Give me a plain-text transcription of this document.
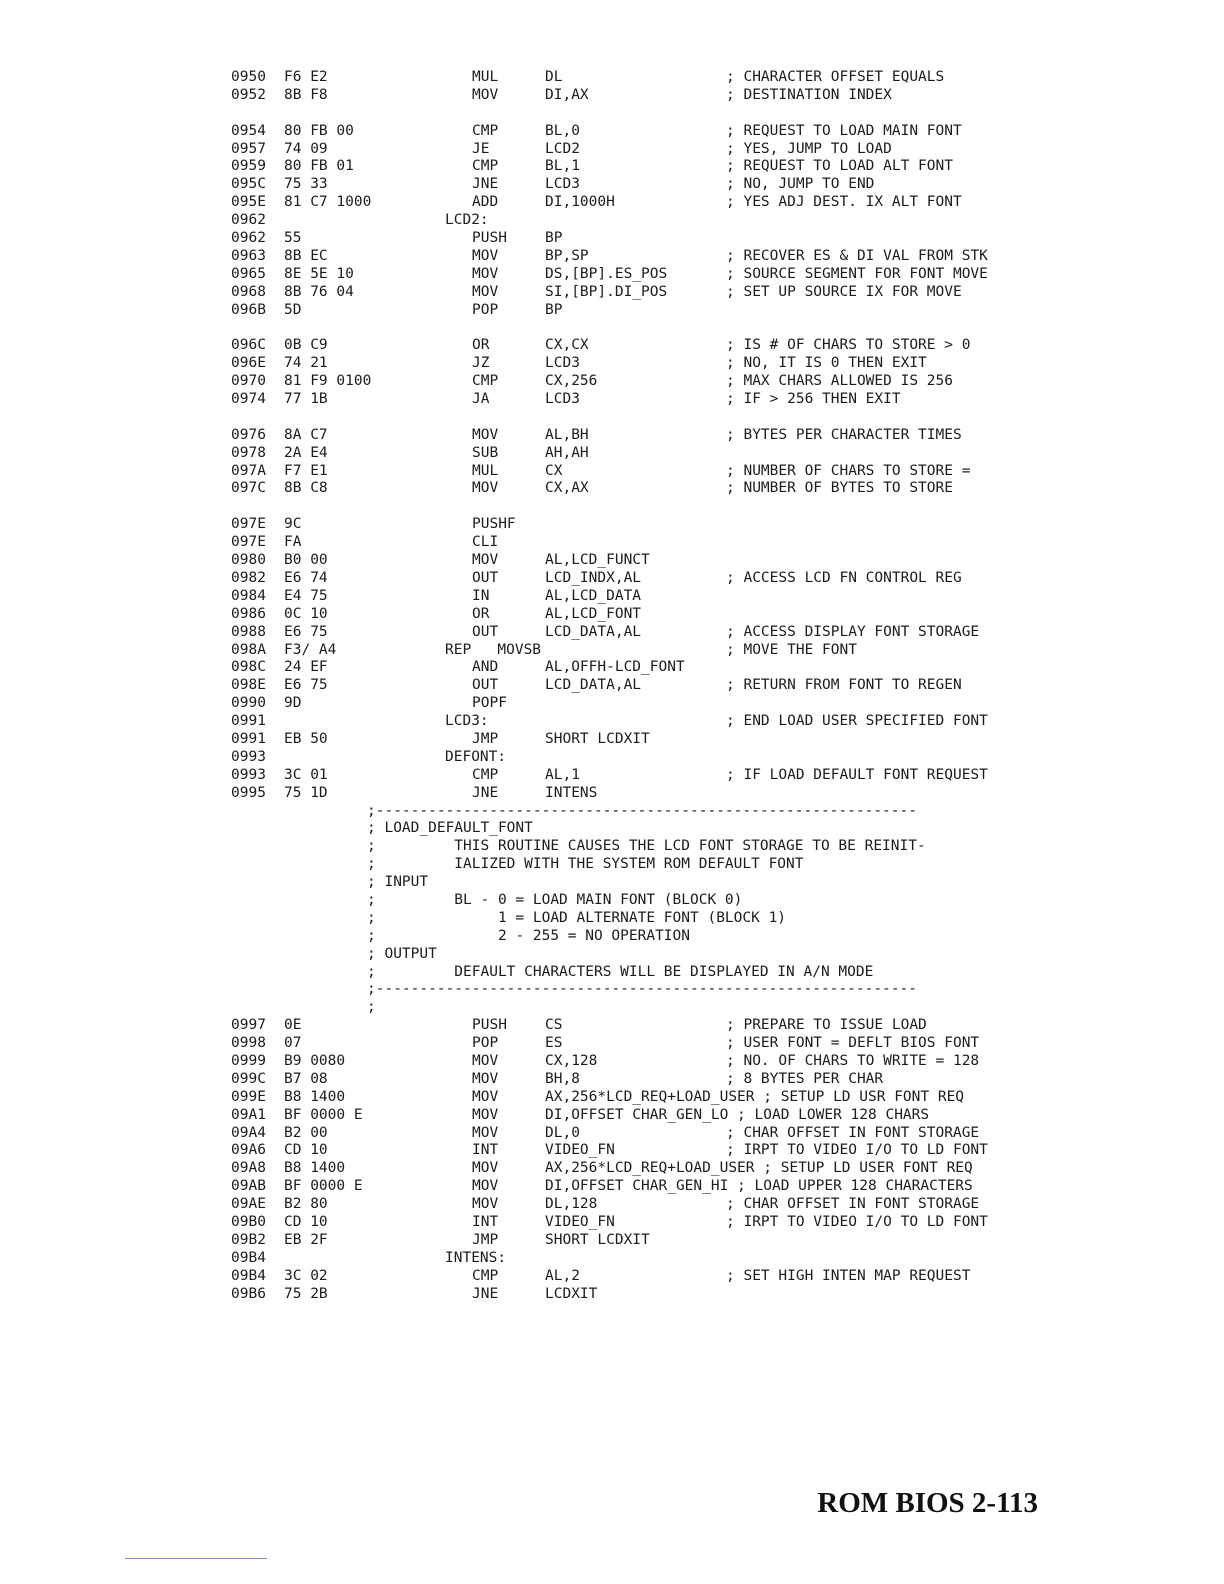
0950 F6 E2	MUL	DL	; CHARACTER OFFSET EQUALS
0952 8B F8	MOV	DI,AX	; DESTINATION INDEX
0954 80 FB 00	CMP	BL,0	; REQUEST TO LOAD MAIN FONT
0957 74 09	JE	LCD2	; YES, JUMP TO LOAD
0959 80 FB 01	CMP	BL,1	; REQUEST TO LOAD ALT FONT
095C 75 33	JNE	LCD3	; NO, JUMP TO END
095E 81 C7 1000	ADD	DI,1000H	; YES ADJ DEST. IX ALT FONT
0962	LCD2:
0962 55	PUSH	BP
0963 8B EC	MOV	BP,SP	; RECOVER ES & DI VAL FROM STK
0965 8E 5E 10	MOV	DS,[BP].ES_POS	; SOURCE SEGMENT FOR FONT MOVE
0968 8B 76 04	MOV	SI,[BP].DI_POS	; SET UP SOURCE IX FOR MOVE
096B 5D	POP	BP
096C 0B C9	OR	CX,CX	; IS # OF CHARS TO STORE > 0
096E 74 21	JZ	LCD3	; NO, IT IS 0 THEN EXIT
0970 81 F9 0100	CMP	CX,256	; MAX CHARS ALLOWED IS 256
0974 77 1B	JA	LCD3	; IF > 256 THEN EXIT
0976 8A C7	MOV	AL,BH	; BYTES PER CHARACTER TIMES
0978 2A E4	SUB	AH,AH
097A F7 E1	MUL	CX	; NUMBER OF CHARS TO STORE =
097C 8B C8	MOV	CX,AX	; NUMBER OF BYTES TO STORE
097E 9C	PUSHF
097E FA	CLI
0980 B0 00	MOV	AL,LCD_FUNCT
0982 E6 74	OUT	LCD_INDX,AL	; ACCESS LCD FN CONTROL REG
0984 E4 75	IN	AL,LCD_DATA
0986 0C 10	OR	AL,LCD_FONT
0988 E6 75	OUT	LCD_DATA,AL	; ACCESS DISPLAY FONT STORAGE
098A F3/ A4	REP   MOVSB	; MOVE THE FONT
098C 24 EF	AND	AL,OFFH-LCD_FONT
098E E6 75	OUT	LCD_DATA,AL	; RETURN FROM FONT TO REGEN
0990 9D	POPF
0991	LCD3:	; END LOAD USER SPECIFIED FONT
0991 EB 50	JMP	SHORT LCDXIT
0993	DEFONT:
0993 3C 01	CMP	AL,1	; IF LOAD DEFAULT FONT REQUEST
0995 75 1D	JNE	INTENS
;--------------------------------------------------------------
; LOAD_DEFAULT_FONT
;         THIS ROUTINE CAUSES THE LCD FONT STORAGE TO BE REINIT-
;         IALIZED WITH THE SYSTEM ROM DEFAULT FONT
; INPUT
;         BL - 0 = LOAD MAIN FONT (BLOCK 0)
;              1 = LOAD ALTERNATE FONT (BLOCK 1)
;              2 - 255 = NO OPERATION
; OUTPUT
;         DEFAULT CHARACTERS WILL BE DISPLAYED IN A/N MODE
;--------------------------------------------------------------
;
0997 0E	PUSH	CS	; PREPARE TO ISSUE LOAD
0998 07	POP	ES	; USER FONT = DEFLT BIOS FONT
0999 B9 0080	MOV	CX,128	; NO. OF CHARS TO WRITE = 128
099C B7 08	MOV	BH,8	; 8 BYTES PER CHAR
099E B8 1400	MOV	AX,256*LCD_REQ+LOAD_USER ; SETUP LD USR FONT REQ
09A1 BF 0000 E	MOV	DI,OFFSET CHAR_GEN_LO ; LOAD LOWER 128 CHARS
09A4 B2 00	MOV	DL,0	; CHAR OFFSET IN FONT STORAGE
09A6 CD 10	INT	VIDEO_FN	; IRPT TO VIDEO I/O TO LD FONT
09A8 B8 1400	MOV	AX,256*LCD_REQ+LOAD_USER ; SETUP LD USER FONT REQ
09AB BF 0000 E	MOV	DI,OFFSET CHAR_GEN_HI ; LOAD UPPER 128 CHARACTERS
09AE B2 80	MOV	DL,128	; CHAR OFFSET IN FONT STORAGE
09B0 CD 10	INT	VIDEO_FN	; IRPT TO VIDEO I/O TO LD FONT
09B2 EB 2F	JMP	SHORT LCDXIT
09B4	INTENS:
09B4 3C 02	CMP	AL,2	; SET HIGH INTEN MAP REQUEST
09B6 75 2B	JNE	LCDXIT
ROM BIOS 2-113
